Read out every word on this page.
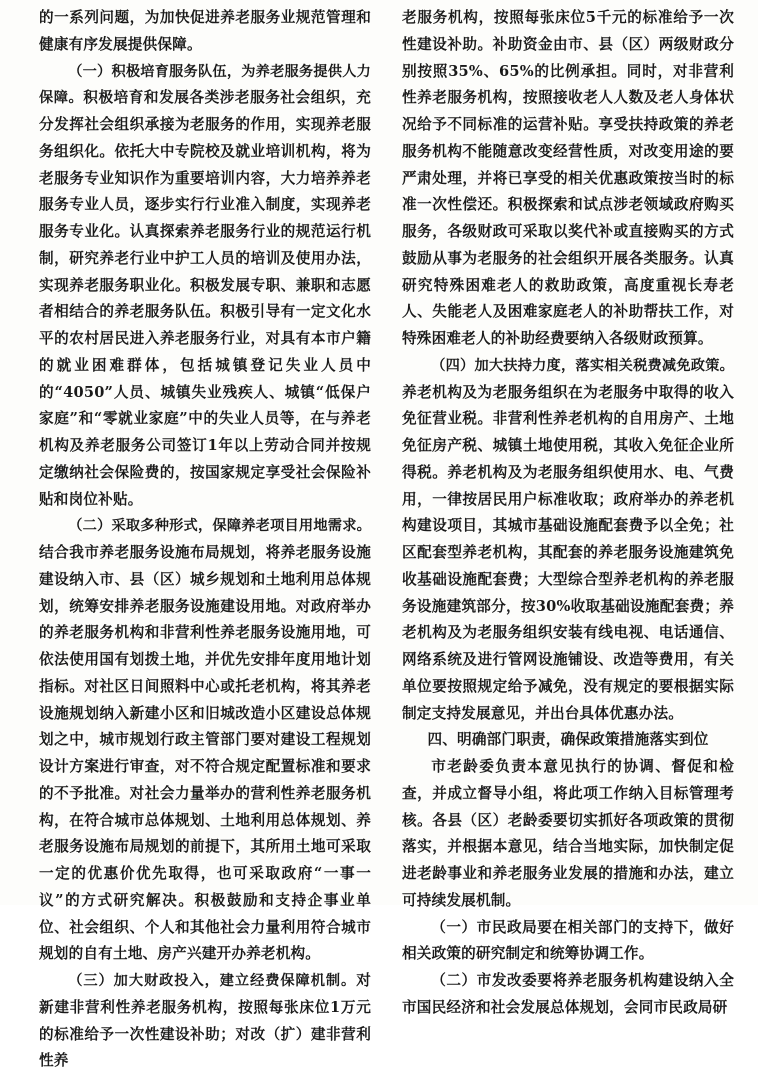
的一系列问题，为加快促进养老服务业规范管理和健康有序发展提供保障。

（一）积极培育服务队伍，为养老服务提供人力保障。积极培育和发展各类涉老服务社会组织，充分发挥社会组织承接为老服务的作用，实现养老服务组织化。依托大中专院校及就业培训机构，将为老服务专业知识作为重要培训内容，大力培养养老服务专业人员，逐步实行行业准入制度，实现养老服务专业化。认真探索养老服务行业的规范运行机制，研究养老行业中护工人员的培训及使用办法，实现养老服务职业化。积极发展专职、兼职和志愿者相结合的养老服务队伍。积极引导有一定文化水平的农村居民进入养老服务行业，对具有本市户籍的就业困难群体，包括城镇登记失业人员中的“4050”人员、城镇失业残疾人、城镇“低保户家庭”和“零就业家庭”中的失业人员等，在与养老机构及养老服务公司签订1年以上劳动合同并按规定缴纳社会保险费的，按国家规定享受社会保险补贴和岗位补贴。

（二）采取多种形式，保障养老项目用地需求。结合我市养老服务设施布局规划，将养老服务设施建设纳入市、县（区）城乡规划和土地利用总体规划，统筹安排养老服务设施建设用地。对政府举办的养老服务机构和非营利性养老服务设施用地，可依法使用国有划拨土地，并优先安排年度用地计划指标。对社区日间照料中心或托老机构，将其养老设施规划纳入新建小区和旧城改造小区建设总体规划之中，城市规划行政主管部门要对建设工程规划设计方案进行审查，对不符合规定配置标准和要求的不予批准。对社会力量举办的营利性养老服务机构，在符合城市总体规划、土地利用总体规划、养老服务设施布局规划的前提下，其所用土地可采取一定的优惠价优先取得，也可采取政府“一事一议”的方式研究解决。积极鼓励和支持企事业单位、社会组织、个人和其他社会力量利用符合城市规划的自有土地、房产兴建开办养老机构。

（三）加大财政投入，建立经费保障机制。对新建非营利性养老服务机构，按照每张床位1万元的标准给予一次性建设补助；对改（扩）建非营利性养

老服务机构，按照每张床位5千元的标准给予一次性建设补助。补助资金由市、县（区）两级财政分别按照35%、65%的比例承担。同时，对非营利性养老服务机构，按照接收老人人数及老人身体状况给予不同标准的运营补贴。享受扶持政策的养老服务机构不能随意改变经营性质，对改变用途的要严肃处理，并将已享受的相关优惠政策按当时的标准一次性偿还。积极探索和试点涉老领域政府购买服务，各级财政可采取以奖代补或直接购买的方式鼓励从事为老服务的社会组织开展各类服务。认真研究特殊困难老人的救助政策，高度重视长寿老人、失能老人及困难家庭老人的补助帮扶工作，对特殊困难老人的补助经费要纳入各级财政预算。

（四）加大扶持力度，落实相关税费减免政策。养老机构及为老服务组织在为老服务中取得的收入免征营业税。非营利性养老机构的自用房产、土地免征房产税、城镇土地使用税，其收入免征企业所得税。养老机构及为老服务组织使用水、电、气费用，一律按居民用户标准收取；政府举办的养老机构建设项目，其城市基础设施配套费予以全免；社区配套型养老机构，其配套的养老服务设施建筑免收基础设施配套费；大型综合型养老机构的养老服务设施建筑部分，按30%收取基础设施配套费；养老机构及为老服务组织安装有线电视、电话通信、网络系统及进行管网设施铺设、改造等费用，有关单位要按照规定给予减免，没有规定的要根据实际制定支持发展意见，并出台具体优惠办法。

四、明确部门职责，确保政策措施落实到位

市老龄委负责本意见执行的协调、督促和检查，并成立督导小组，将此项工作纳入目标管理考核。各县（区）老龄委要切实抓好各项政策的贯彻落实，并根据本意见，结合当地实际，加快制定促进老龄事业和养老服务业发展的措施和办法，建立可持续发展机制。

（一）市民政局要在相关部门的支持下，做好相关政策的研究制定和统筹协调工作。

（二）市发改委要将养老服务机构建设纳入全市国民经济和社会发展总体规划，会同市民政局研
